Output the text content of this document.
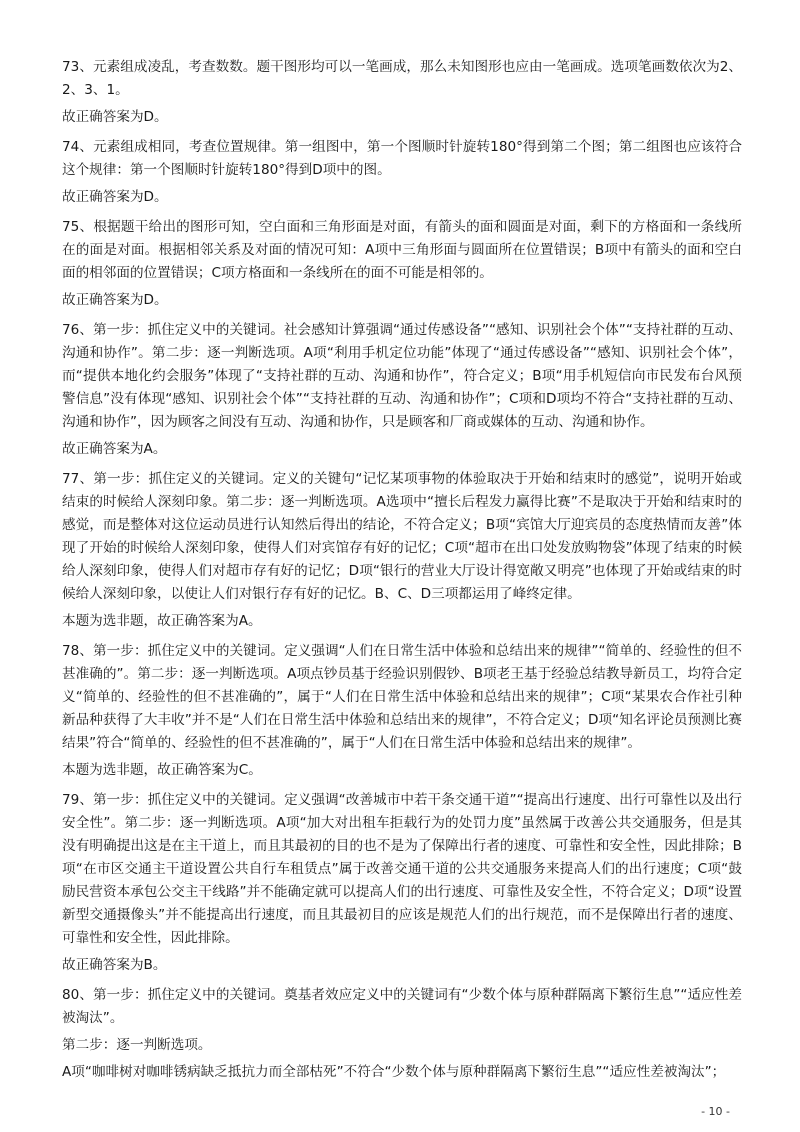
73、元素组成凌乱，考查数数。题干图形均可以一笔画成，那么未知图形也应由一笔画成。选项笔画数依次为2、2、3、1。

故正确答案为D。

74、元素组成相同，考查位置规律。第一组图中，第一个图顺时针旋转180°得到第二个图；第二组图也应该符合这个规律：第一个图顺时针旋转180°得到D项中的图。

故正确答案为D。

75、根据题干给出的图形可知，空白面和三角形面是对面，有箭头的面和圆面是对面，剩下的方格面和一条线所在的面是对面。根据相邻关系及对面的情况可知：A项中三角形面与圆面所在位置错误；B项中有箭头的面和空白面的相邻面的位置错误；C项方格面和一条线所在的面不可能是相邻的。

故正确答案为D。

76、第一步：抓住定义中的关键词。社会感知计算强调“通过传感设备”“感知、识别社会个体”“支持社群的互动、沟通和协作”。第二步：逐一判断选项。A项“利用手机定位功能”体现了“通过传感设备”“感知、识别社会个体”，而“提供本地化约会服务”体现了“支持社群的互动、沟通和协作”，符合定义；B项“用手机短信向市民发布台风预警信息”没有体现“感知、识别社会个体”“支持社群的互动、沟通和协作”；C项和D项均不符合“支持社群的互动、沟通和协作”，因为顾客之间没有互动、沟通和协作，只是顾客和厂商或媒体的互动、沟通和协作。

故正确答案为A。

77、第一步：抓住定义的关键词。定义的关键句“记忆某项事物的体验取决于开始和结束时的感觉”，说明开始或结束的时候给人深刻印象。第二步：逐一判断选项。A选项中“擅长后程发力赢得比赛”不是取决于开始和结束时的感觉，而是整体对这位运动员进行认知然后得出的结论，不符合定义；B项“宾馆大厅迎宾员的态度热情而友善”体现了开始的时候给人深刻印象，使得人们对宾馆存有好的记忆；C项“超市在出口处发放购物袋”体现了结束的时候给人深刻印象，使得人们对超市存有好的记忆；D项“银行的营业大厅设计得宽敞又明亮”也体现了开始或结束的时候给人深刻印象，以使让人们对银行存有好的记忆。B、C、D三项都运用了峰终定律。

本题为选非题，故正确答案为A。

78、第一步：抓住定义中的关键词。定义强调“人们在日常生活中体验和总结出来的规律”“简单的、经验性的但不甚准确的”。第二步：逐一判断选项。A项点钞员基于经验识别假钞、B项老王基于经验总结教导新员工，均符合定义“简单的、经验性的但不甚准确的”，属于“人们在日常生活中体验和总结出来的规律”；C项“某果农合作社引种新品种获得了大丰收”并不是“人们在日常生活中体验和总结出来的规律”，不符合定义；D项“知名评论员预测比赛结果”符合“简单的、经验性的但不甚准确的”，属于“人们在日常生活中体验和总结出来的规律”。

本题为选非题，故正确答案为C。

79、第一步：抓住定义中的关键词。定义强调“改善城市中若干条交通干道”“提高出行速度、出行可靠性以及出行安全性”。第二步：逐一判断选项。A项“加大对出租车拒载行为的处罚力度”虽然属于改善公共交通服务，但是其没有明确提出这是在主干道上，而且其最初的目的也不是为了保障出行者的速度、可靠性和安全性，因此排除；B项“在市区交通主干道设置公共自行车租赁点”属于改善交通干道的公共交通服务来提高人们的出行速度；C项“鼓励民营资本承包公交主干线路”并不能确定就可以提高人们的出行速度、可靠性及安全性，不符合定义；D项“设置新型交通摄像头”并不能提高出行速度，而且其最初目的应该是规范人们的出行规范，而不是保障出行者的速度、可靠性和安全性，因此排除。

故正确答案为B。

80、第一步：抓住定义中的关键词。奠基者效应定义中的关键词有“少数个体与原种群隔离下繁衍生息”“适应性差被淘汰”。

第二步：逐一判断选项。

A项“咖啡树对咖啡锈病缺乏抵抗力而全部枯死”不符合“少数个体与原种群隔离下繁衍生息”“适应性差被淘汰”；

- 10 -
